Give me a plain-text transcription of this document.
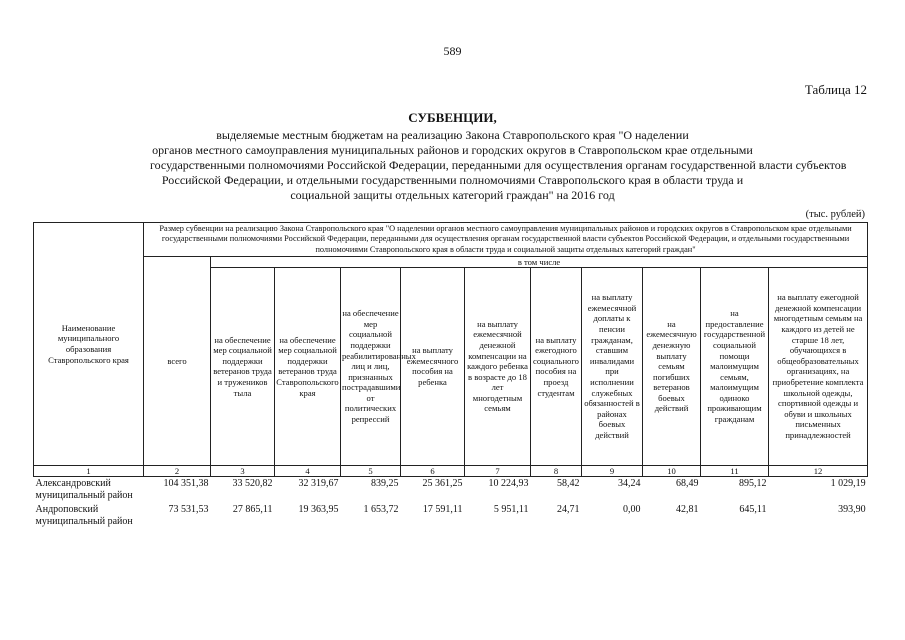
589
Таблица 12
СУБВЕНЦИИ,
выделяемые местным бюджетам на реализацию Закона Ставропольского края "О наделении
органов местного самоуправления муниципальных районов и городских округов в Ставропольском крае отдельными
государственными полномочиями Российской Федерации, переданными для осуществления органам государственной власти субъектов
Российской Федерации, и отдельными государственными полномочиями Ставропольского края в области труда и
социальной защиты отдельных категорий граждан" на 2016 год
(тыс. рублей)
Наименование муниципального образования Ставропольского края	Размер субвенции на реализацию Закона Ставропольского края "О наделении органов местного самоуправления муниципальных районов и городских округов в Ставропольском крае отдельными государственными полномочиями Российской Федерации, переданными для осуществления органам государственной власти субъектов Российской Федерации, и отдельными государственными полномочиями Ставропольского края в области труда и социальной защиты отдельных категорий граждан"										
	всего	в том числе									
		на обеспечение мер социальной поддержки ветеранов труда и тружеников тыла	на обеспечение мер социальной поддержки ветеранов труда Ставропольского края	на обеспечение мер социальной поддержки реабилитированных лиц и лиц, признанных пострадавшими от политических репрессий	на выплату ежемесячного пособия на ребенка	на выплату ежемесячной денежной компенсации на каждого ребенка в возрасте до 18 лет многодетным семьям	на выплату ежегодного социального пособия на проезд студентам	на выплату ежемесячной доплаты к пенсии гражданам, ставшим инвалидами при исполнении служебных обязанностей в районах боевых действий	на ежемесячную денежную выплату семьям погибших ветеранов боевых действий	на предоставление государственной социальной помощи малоимущим семьям, малоимущим одиноко проживающим гражданам	на выплату ежегодной денежной компенсации многодетным семьям на каждого из детей не старше 18 лет, обучающихся в общеобразовательных организациях, на приобретение комплекта школьной одежды, спортивной одежды и обуви и школьных письменных принадлежностей
1	2	3	4	5	6	7	8	9	10	11	12
Александровский муниципальный район	104 351,38	33 520,82	32 319,67	839,25	25 361,25	10 224,93	58,42	34,24	68,49	895,12	1 029,19
Андроповский муниципальный район	73 531,53	27 865,11	19 363,95	1 653,72	17 591,11	5 951,11	24,71	0,00	42,81	645,11	393,90
